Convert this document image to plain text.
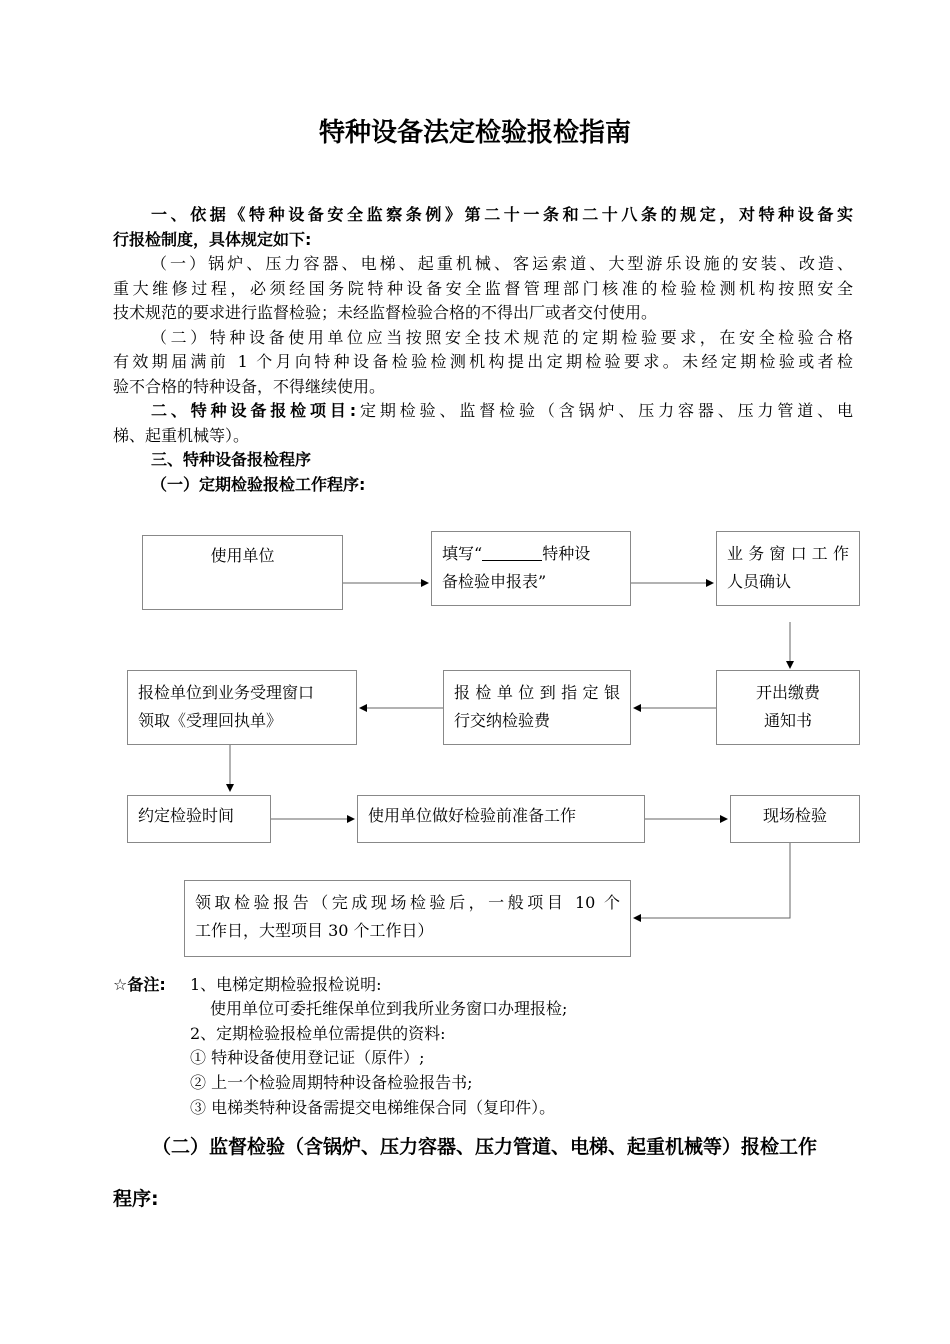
特种设备法定检验报检指南
一、依据《特种设备安全监察条例》第二十一条和二十八条的规定，对特种设备实
行报检制度，具体规定如下:
（一）锅炉、压力容器、电梯、起重机械、客运索道、大型游乐设施的安装、改造、
重大维修过程，必须经国务院特种设备安全监督管理部门核准的检验检测机构按照安全
技术规范的要求进行监督检验；未经监督检验合格的不得出厂或者交付使用。
（二）特种设备使用单位应当按照安全技术规范的定期检验要求，在安全检验合格
有效期届满前 1 个月向特种设备检验检测机构提出定期检验要求。未经定期检验或者检
验不合格的特种设备，不得继续使用。
二、特种设备报检项目:定期检验、监督检验（含锅炉、压力容器、压力管道、电
梯、起重机械等）。
三、特种设备报检程序
（一）定期检验报检工作程序:
使用单位	填写“	特种设
备检验申报表”
业务窗口工作
人员确认
开出缴费
通知书
报检单位到指定银
行交纳检验费
报检单位到业务受理窗口
领取《受理回执单》
约定检验时间	使用单位做好检验前准备工作	现场检验
领取检验报告（完成现场检验后，一般项目 10 个
工作日，大型项目 30 个工作日）
☆备注: 1、电梯定期检验报检说明:
使用单位可委托维保单位到我所业务窗口办理报检;
2、定期检验报检单位需提供的资料:
① 特种设备使用登记证（原件）;
② 上一个检验周期特种设备检验报告书;
③ 电梯类特种设备需提交电梯维保合同（复印件）。
（二）监督检验（含锅炉、压力容器、压力管道、电梯、起重机械等）报检工作
程序:
